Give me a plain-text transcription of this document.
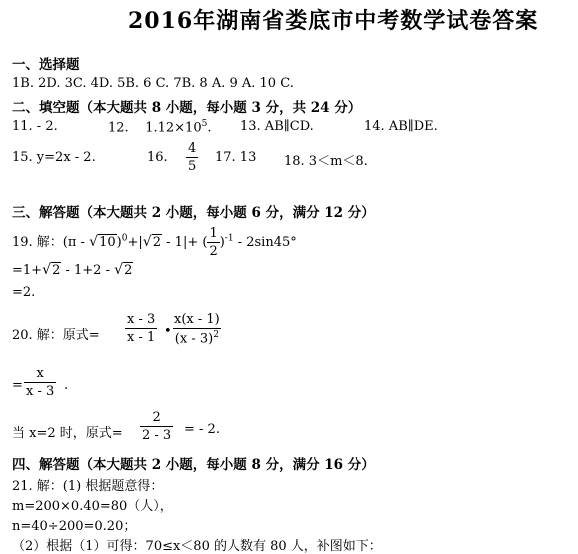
2016年湖南省娄底市中考数学试卷答案
一、选择题
1B. 2D. 3C. 4D. 5B. 6 C. 7B. 8 A. 9 A. 10 C.
二、填空题（本大题共 8 小题，每小题 3 分，共 24 分）
11. - 2.	12. $1.12\times 10^5$. 13. AB∥CD.	14. AB∥DE.
15. y=2x - 2.	16. $\frac{4}{5} 17$. 13 18. 3＜m＜8.
三、解答题（本大题共 2 小题，每小题 6 分，满分 12 分）
19. 解：(π - √ 10)$^0$+| √ 2 - 1|+ ( $\frac{1}{2} )^{-1} - 2\sin 45^\circ$
=1+ √ 2 - 1+2 - √ 2
=2.
20. 解：原式= $\frac{x - 3}{x - 1}$ • $\frac{x(x - 1)}{(x - 3)^2}$
= $\frac{x}{x - 3}$ .
当 x=2 时，原式= $\frac{2}{2 - 3}$ = - 2.
四、解答题（本大题共 2 小题，每小题 8 分，满分 16 分）
21. 解：(1) 根据题意得：
m=200×0.40=80（人），
n=40÷200=0.20；
（2）根据（1）可得：70≤x＜80 的人数有 80 人，补图如下：
